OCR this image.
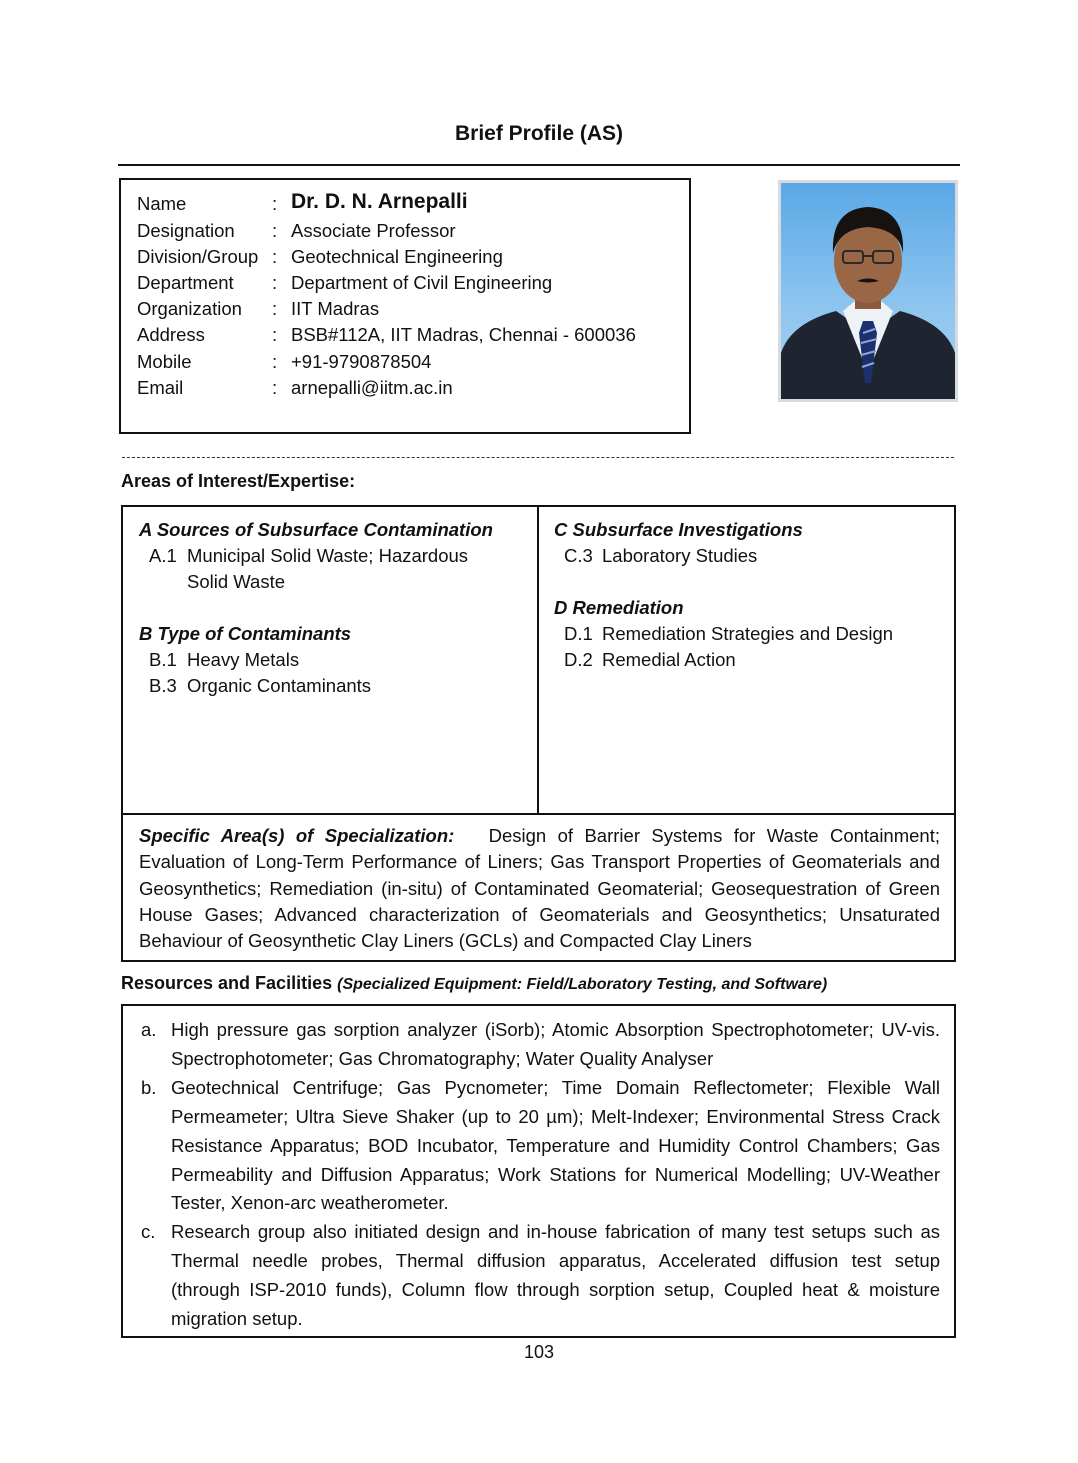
Brief Profile (AS)
Name	: Dr. D. N. Arnepalli
Designation : Associate Professor
Division/Group : Geotechnical Engineering
Department : Department of Civil Engineering
Organization : IIT Madras
Address	: BSB#112A, IIT Madras, Chennai - 600036
Mobile	: +91-9790878504
Email	: arnepalli@iitm.ac.in
Areas of Interest/Expertise:
A Sources of Subsurface Contamination
A.1 Municipal Solid Waste; Hazardous
Solid Waste
B Type of Contaminants
B.1 Heavy Metals
B.3 Organic Contaminants
C Subsurface Investigations
C.3 Laboratory Studies
D Remediation
D.1 Remediation Strategies and Design
D.2 Remedial Action
Specific Area(s) of Specialization: Design of Barrier Systems for Waste Containment; Evaluation of Long-Term Performance of Liners; Gas Transport Properties of Geomaterials and Geosynthetics; Remediation (in-situ) of Contaminated Geomaterial; Geosequestration of Green House Gases; Advanced characterization of Geomaterials and Geosynthetics; Unsaturated Behaviour of Geosynthetic Clay Liners (GCLs) and Compacted Clay Liners
Resources and Facilities (Specialized Equipment: Field/Laboratory Testing, and Software)
a. High pressure gas sorption analyzer (iSorb); Atomic Absorption Spectrophotometer; UV-vis. Spectrophotometer; Gas Chromatography; Water Quality Analyser
b. Geotechnical Centrifuge; Gas Pycnometer; Time Domain Reflectometer; Flexible Wall Permeameter; Ultra Sieve Shaker (up to 20 µm); Melt-Indexer; Environmental Stress Crack Resistance Apparatus; BOD Incubator, Temperature and Humidity Control Chambers; Gas Permeability and Diffusion Apparatus; Work Stations for Numerical Modelling; UV-Weather Tester, Xenon-arc weatherometer.
c. Research group also initiated design and in-house fabrication of many test setups such as Thermal needle probes, Thermal diffusion apparatus, Accelerated diffusion test setup (through ISP-2010 funds), Column flow through sorption setup, Coupled heat & moisture migration setup.
103
